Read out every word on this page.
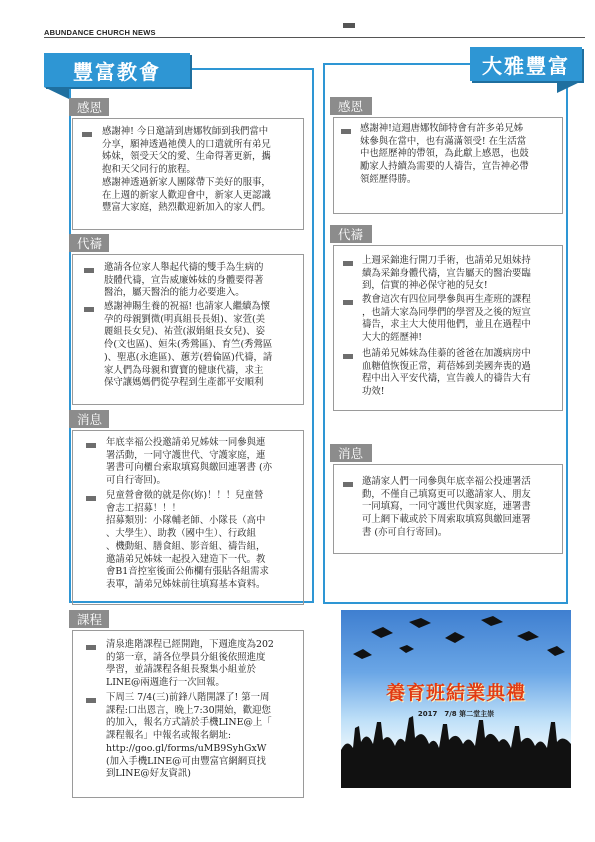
ABUNDANCE CHURCH NEWS
豐富教會
感恩
感謝神! 今日邀請到唐娜牧師到我們當中
分享，願神透過祂僕人的口遣就所有弟兄
姊妹，領受天父的愛、生命得著更新，攜
抱和天父同行的旅程。
感謝神透過新家人團隊帶下美好的服事，
在上週的新家人歡迎會中，新家人更認識
豐富大家庭，熱烈歡迎新加入的家人們。
代禱
邀請各位家人舉起代禱的雙手為生病的
肢體代禱，宣告威廉姊妹的身體要得著
醫治，屬天醫治的能力必要進入。
感謝神賜生養的祝福! 也請家人繼續為懷
孕的母親劉微(明真組長長姐)、家萱(美
麗組長女兒)、祐萱(淑娟組長女兒)、姿
伶(文也區)、姮朱(秀鶯區)、育竺(秀鶯區
)、聖惠(永進區)、蕙芳(碧倫區)代禱，請
家人們為母親和寶寶的健康代禱，求主
保守讓媽媽們從孕程到生產都平安順利
消息
年底幸福公投邀請弟兄姊妹一同參與連
署活動，一同守護世代、守護家庭，連
署書可向櫃台索取填寫與繳回連署書 (亦
可自行寄回)。
兒童營會徵的就是你(妳)！！！兒童營
會志工招募！！！
招募類別：小隊輔老師、小隊長（高中
、大學生）、助教（國中生）、行政組
、機動組、膳食組、影音組、禱告組，
邀請弟兄姊妹一起投入建造下一代。教
會B1音控室後面公佈欄有張貼各組需求
表單，請弟兄姊妹前往填寫基本資料。
課程
清泉進階課程已經開跑，下週進度為202
的第一章，請各位學員分組後依照進度
學習，並請課程各組長聚集小組並於
LINE@兩週進行一次回報。
下周三 7/4(三)前鋒八階開課了! 第一周
課程:口出恩言，晚上7:30開始，歡迎您
的加入，報名方式請於手機LINE@上「
課程報名」中報名或報名網址:
http://goo.gl/forms/uMB9SyhGxW
(加入手機LINE@可由豐富官網網頁找
到LINE@好友資訊)
大雅豐富
感恩
感謝神!這週唐娜牧師特會有許多弟兄姊
妹參與在當中，也有滿滿領受! 在生活當
中也經歷神的帶領，為此獻上感恩，也鼓
勵家人持續為需要的人禱告，宣告神必帶
領經歷得勝。
代禱
上週采錦進行開刀手術，也請弟兄姐妹持
續為采錦身體代禱，宣告屬天的醫治要臨
到，信實的神必保守祂的兒女!
教會這次有四位同學參與再生產班的課程
，也請大家為同學們的學習及之後的短宣
禱告，求主大大使用他們，並且在過程中
大大的經歷神!
也請弟兄姊妹為佳蓁的爸爸在加護病房中
血糖值恢復正常，莉蓓姊到美國奔喪的過
程中出入平安代禱，宣告義人的禱告大有
功效!
消息
邀請家人們一同參與年底幸福公投連署活
動，不僅自己填寫更可以邀請家人、朋友
一同填寫，一同守護世代與家庭，連署書
可上網下載或於下周索取填寫與繳回連署
書 (亦可自行寄回)。
養育班結業典禮
2017　7/8 第二堂主崇
